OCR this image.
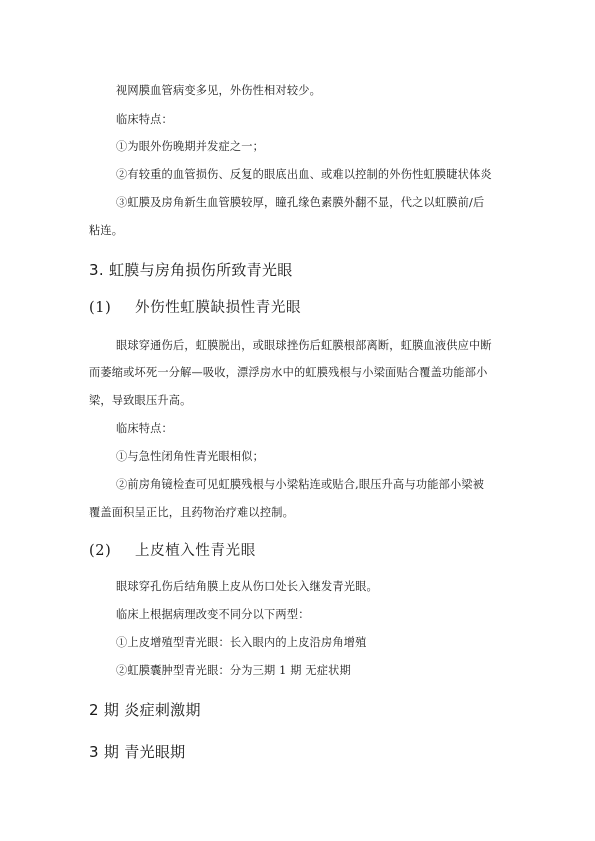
视网膜血管病变多见，外伤性相对较少。
临床特点：
①为眼外伤晚期并发症之一；
②有较重的血管损伤、反复的眼底出血、或难以控制的外伤性虹膜睫状体炎
③虹膜及房角新生血管膜较厚，瞳孔缘色素膜外翻不显，代之以虹膜前/后
粘连。
3. 虹膜与房角损伤所致青光眼
(1) 外伤性虹膜缺损性青光眼
眼球穿通伤后，虹膜脱出，或眼球挫伤后虹膜根部离断，虹膜血液供应中断
而萎缩或坏死一分解—吸收，漂浮房水中的虹膜残根与小梁面贴合覆盖功能部小
梁，导致眼压升高。
临床特点：
①与急性闭角性青光眼相似；
②前房角镜检查可见虹膜残根与小梁粘连或贴合,眼压升高与功能部小梁被
覆盖面积呈正比，且药物治疗难以控制。
(2) 上皮植入性青光眼
眼球穿孔伤后结角膜上皮从伤口处长入继发青光眼。
临床上根据病理改变不同分以下两型：
①上皮增殖型青光眼：长入眼内的上皮沿房角增殖
②虹膜囊肿型青光眼：分为三期 1 期 无症状期
2 期 炎症刺激期
3 期 青光眼期
